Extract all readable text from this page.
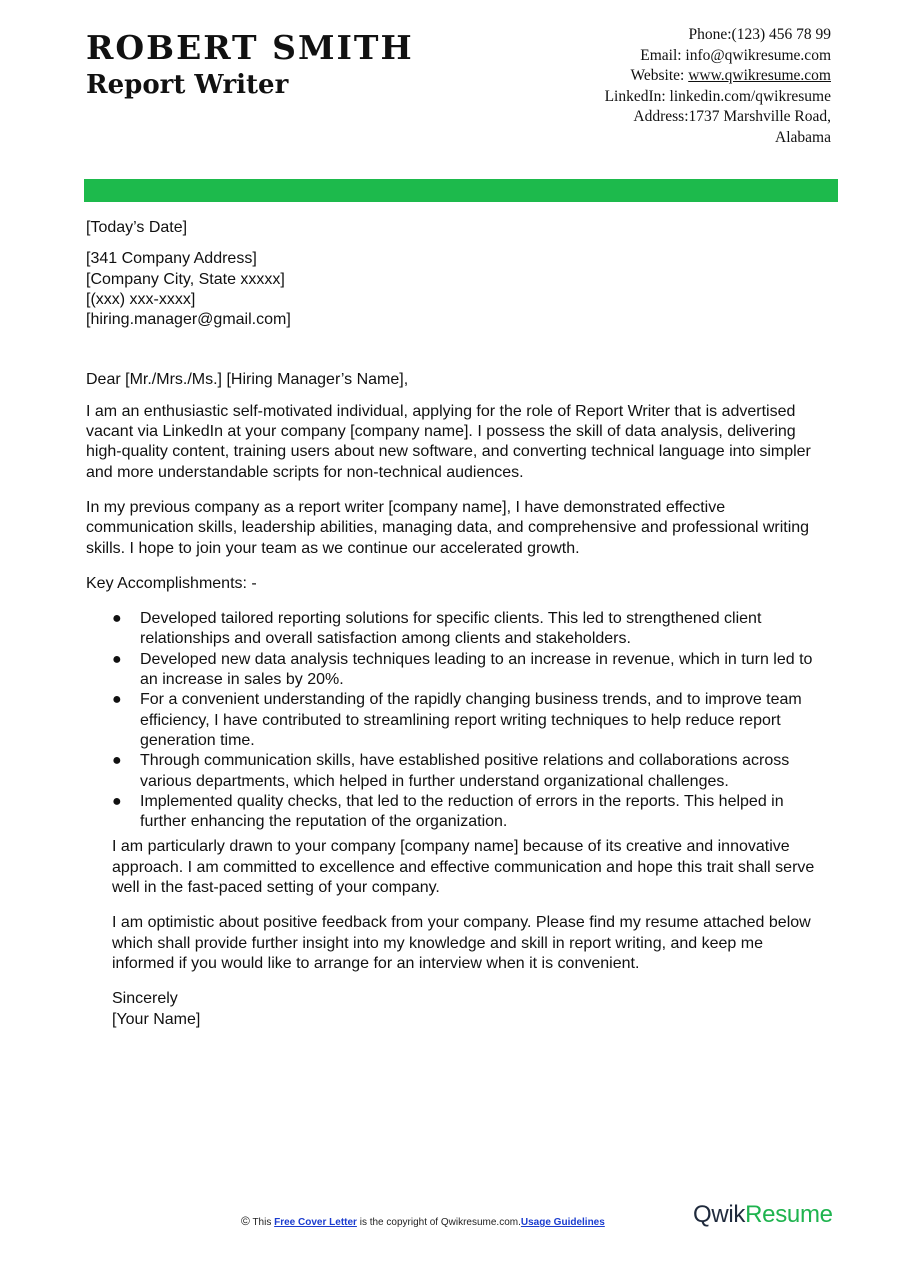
ROBERT SMITH
Report Writer
Phone:(123) 456 78 99
Email: info@qwikresume.com
Website: www.qwikresume.com
LinkedIn: linkedin.com/qwikresume
Address:1737 Marshville Road,
Alabama

[Today’s Date]

[341 Company Address]

[Company City, State xxxxx]

[(xxx) xxx-xxxx]

[hiring.manager@gmail.com]

Dear [Mr./Mrs./Ms.] [Hiring Manager’s Name],

I am an enthusiastic self-motivated individual, applying for the role of Report Writer that is advertised vacant via LinkedIn at your company [company name]. I possess the skill of data analysis, delivering high-quality content, training users about new software, and converting technical language into simpler and more understandable scripts for non-technical audiences.

In my previous company as a report writer [company name], I have demonstrated effective communication skills, leadership abilities, managing data, and comprehensive and professional writing skills. I hope to join your team as we continue our accelerated growth.

Key Accomplishments: -

● Developed tailored reporting solutions for specific clients. This led to strengthened client relationships and overall satisfaction among clients and stakeholders.
● Developed new data analysis techniques leading to an increase in revenue, which in turn led to an increase in sales by 20%.
● For a convenient understanding of the rapidly changing business trends, and to improve team efficiency, I have contributed to streamlining report writing techniques to help reduce report generation time.
● Through communication skills, have established positive relations and collaborations across various departments, which helped in further understand organizational challenges.
● Implemented quality checks, that led to the reduction of errors in the reports. This helped in further enhancing the reputation of the organization.

I am particularly drawn to your company [company name] because of its creative and innovative approach. I am committed to excellence and effective communication and hope this trait shall serve well in the fast-paced setting of your company.

I am optimistic about positive feedback from your company. Please find my resume attached below which shall provide further insight into my knowledge and skill in report writing, and keep me informed if you would like to arrange for an interview when it is convenient.

Sincerely

[Your Name]

© This Free Cover Letter is the copyright of Qwikresume.com.Usage Guidelines	QwikResume
